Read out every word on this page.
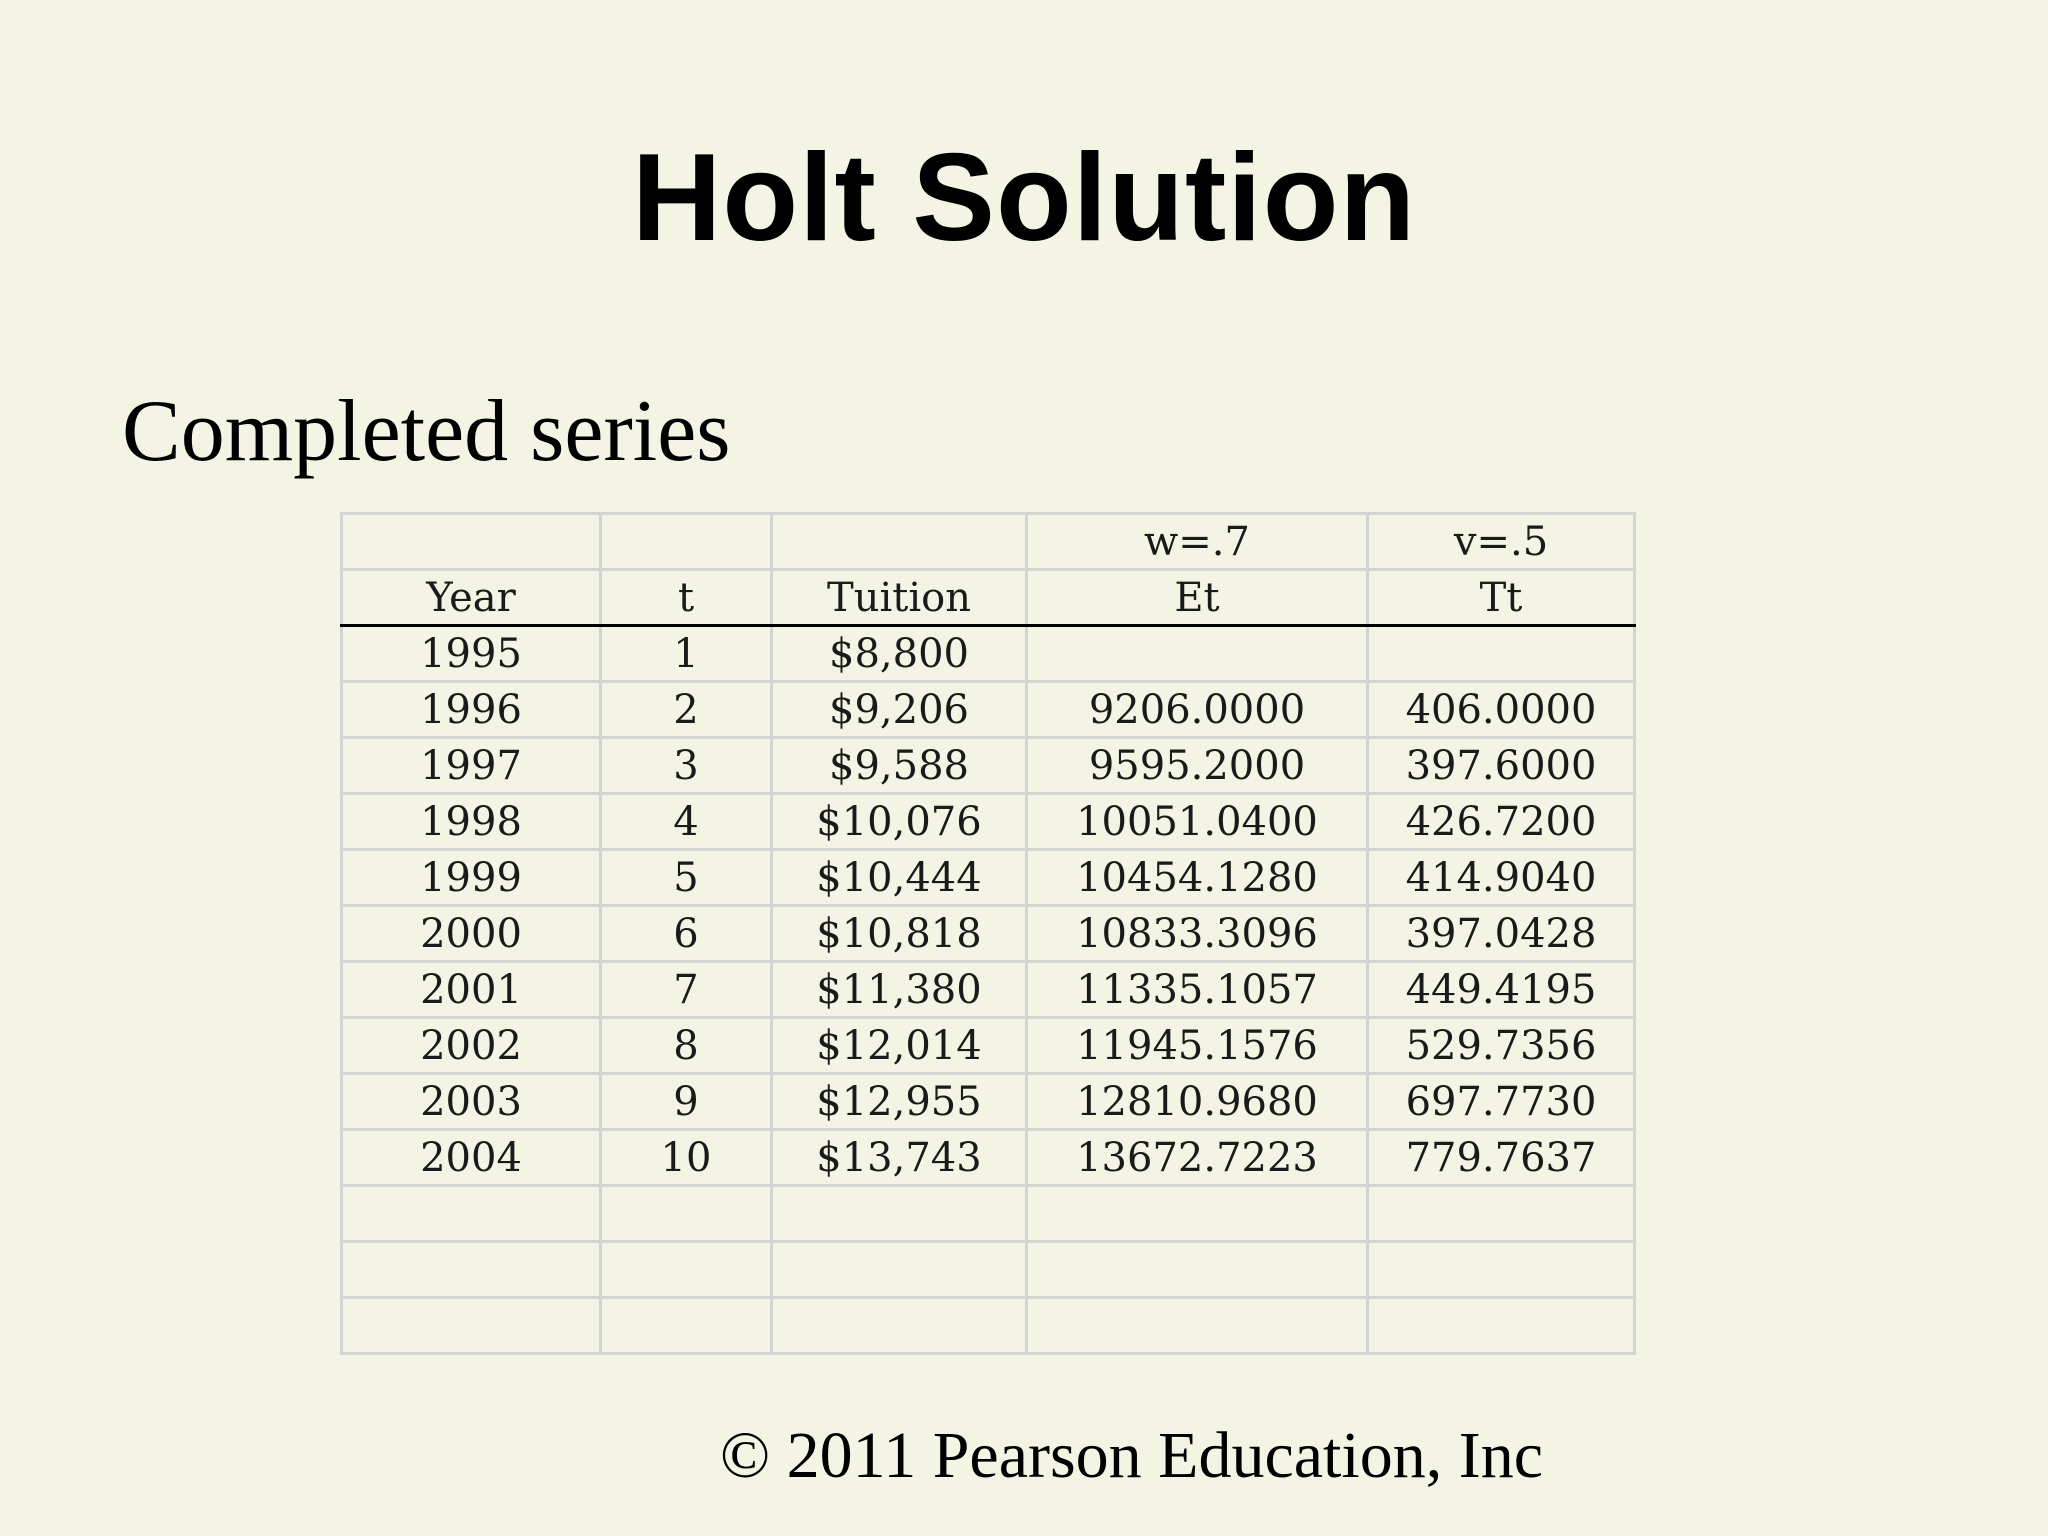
Holt Solution
Completed series
			w=.7	v=.5
Year	t	Tuition	Et	Tt
1995	1	$8,800		
1996	2	$9,206	9206.0000	406.0000
1997	3	$9,588	9595.2000	397.6000
1998	4	$10,076	10051.0400	426.7200
1999	5	$10,444	10454.1280	414.9040
2000	6	$10,818	10833.3096	397.0428
2001	7	$11,380	11335.1057	449.4195
2002	8	$12,014	11945.1576	529.7356
2003	9	$12,955	12810.9680	697.7730
2004	10	$13,743	13672.7223	779.7637

© 2011 Pearson Education, Inc
